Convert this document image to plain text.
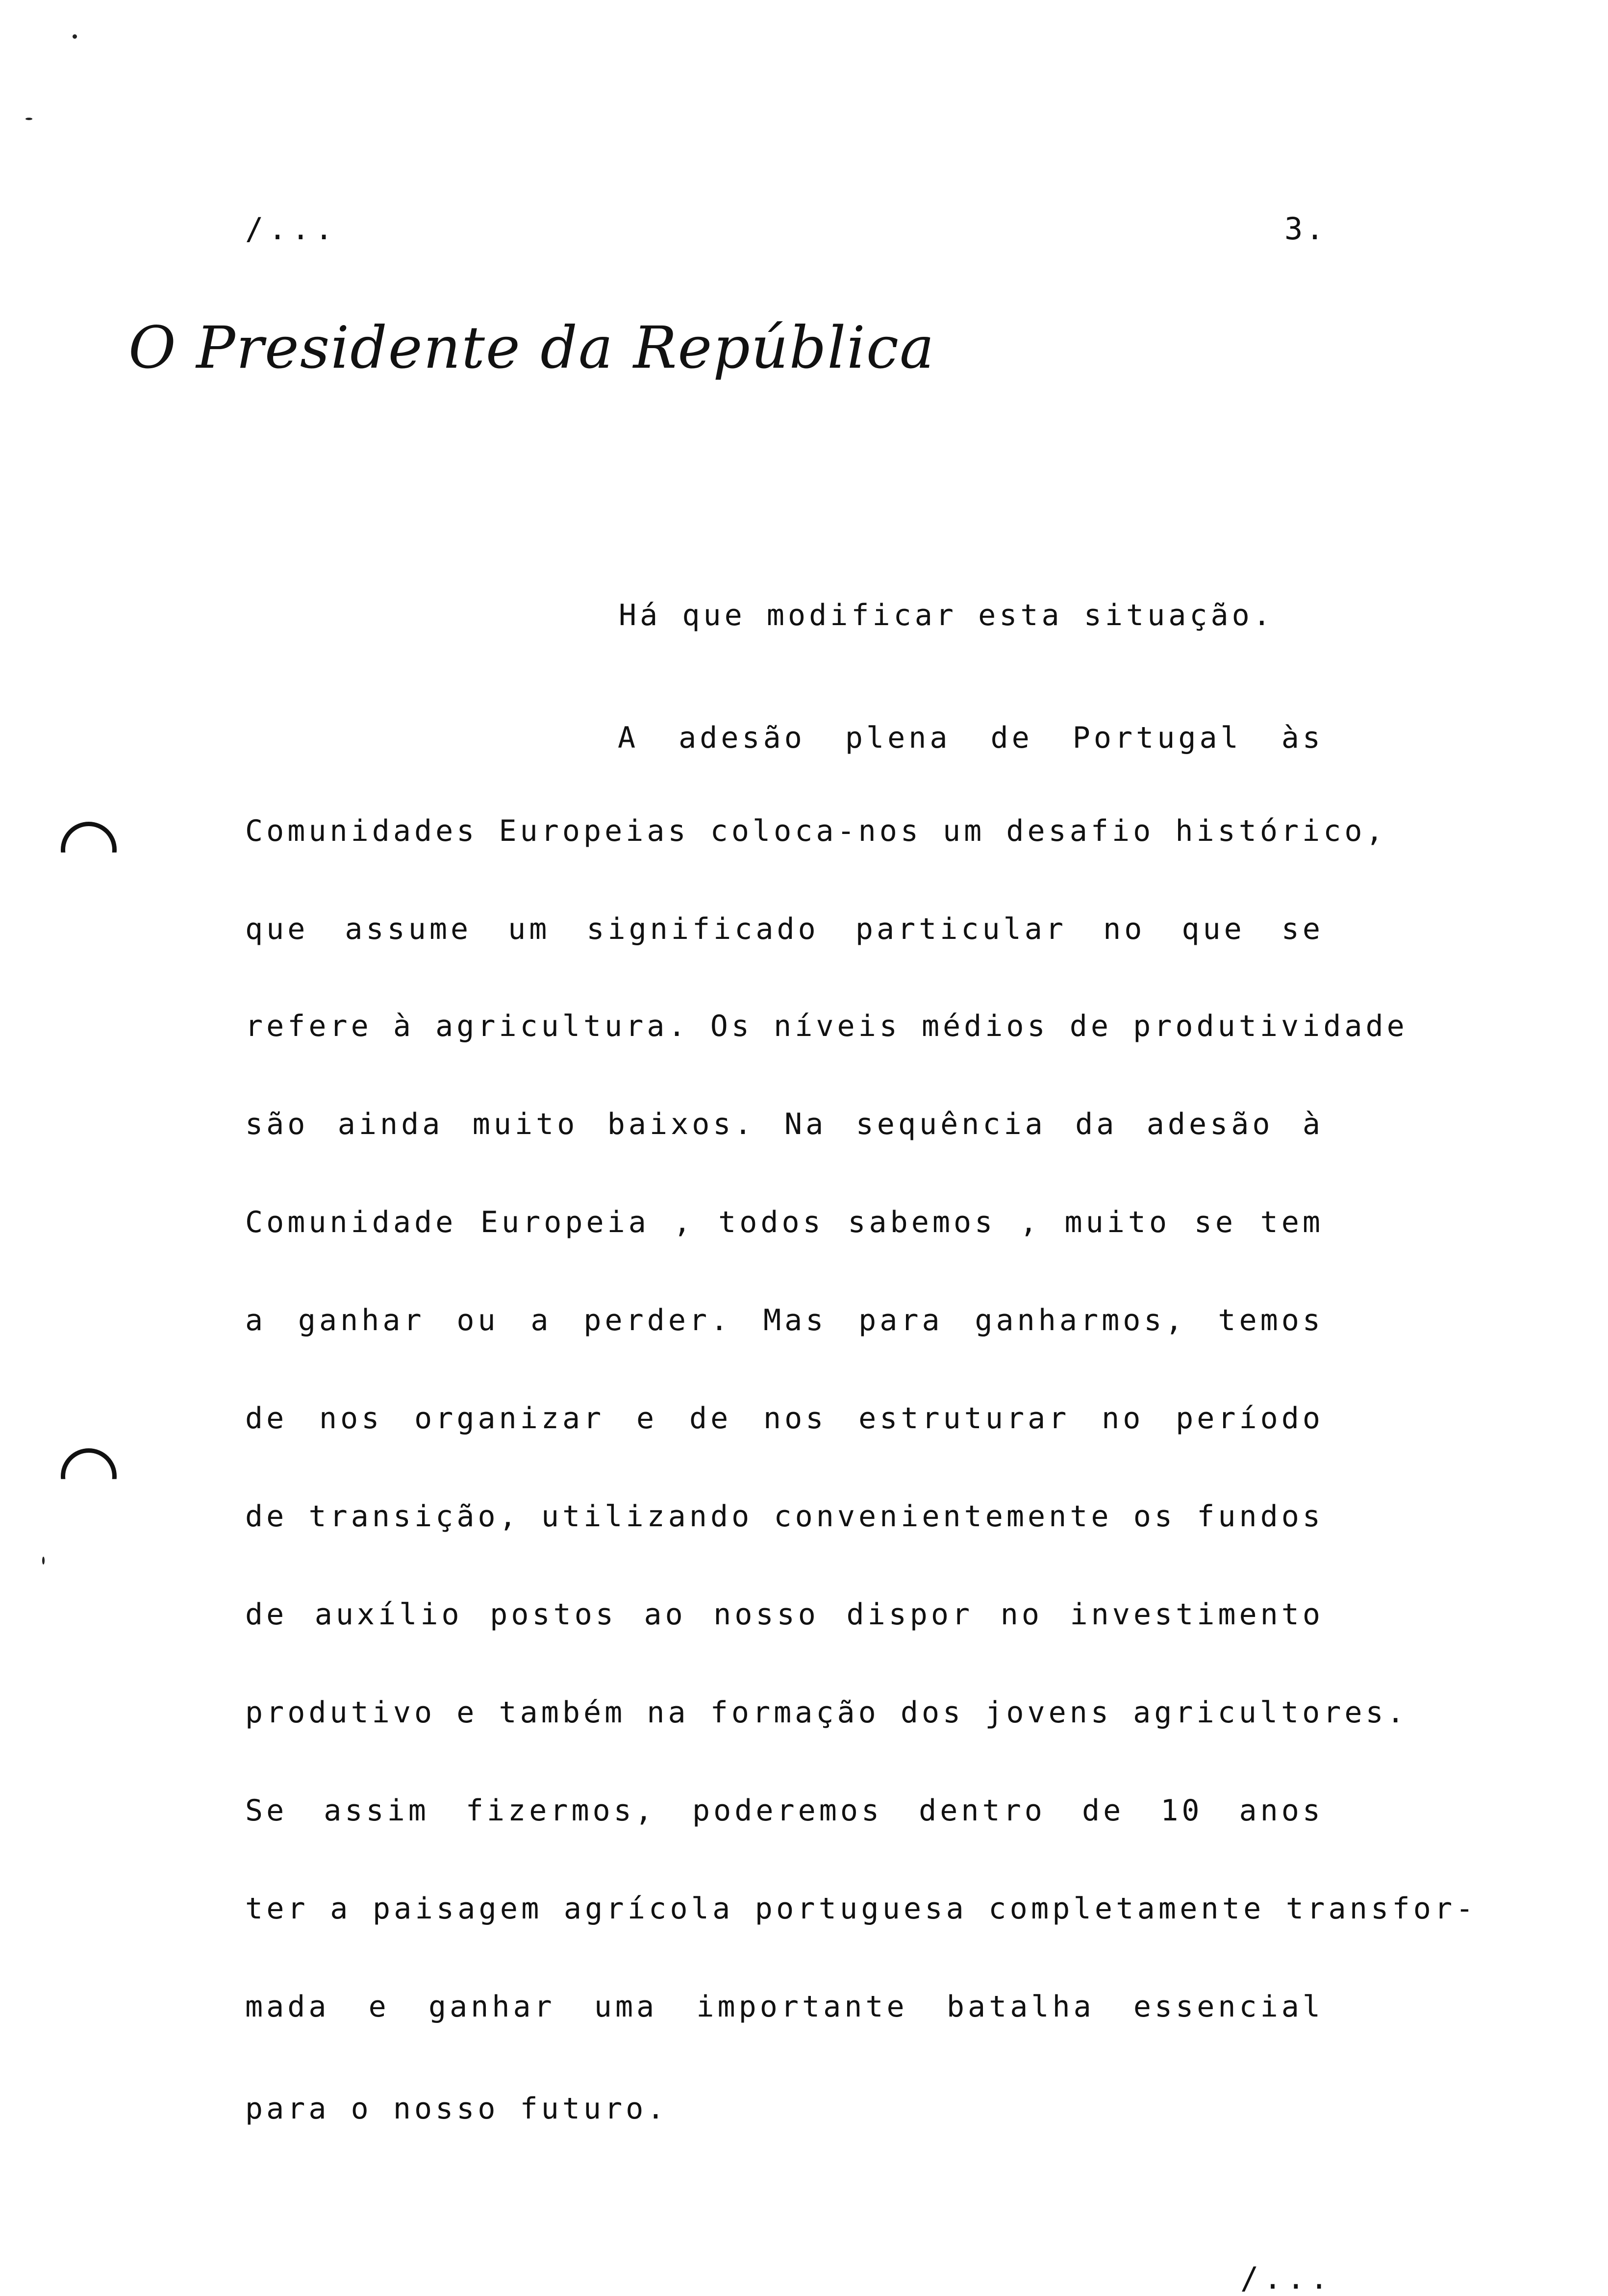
/...	3.
O Presidente da República
Há que modificar esta situação.
A adesão plena de Portugal às
Comunidades Europeias coloca-nos um desafio histórico,
que assume um significado particular no que se
refere à agricultura. Os níveis médios de produtividade
são ainda muito baixos. Na sequência da adesão à
Comunidade Europeia , todos sabemos , muito se tem
a ganhar ou a perder. Mas para ganharmos, temos
de nos organizar e de nos estruturar no período
de transição, utilizando convenientemente os fundos
de auxílio postos ao nosso dispor no investimento
produtivo e também na formação dos jovens agricultores.
Se assim fizermos, poderemos dentro de 10 anos
ter a paisagem agrícola portuguesa completamente transfor-
mada e ganhar uma importante batalha essencial
para o nosso futuro.
/...
